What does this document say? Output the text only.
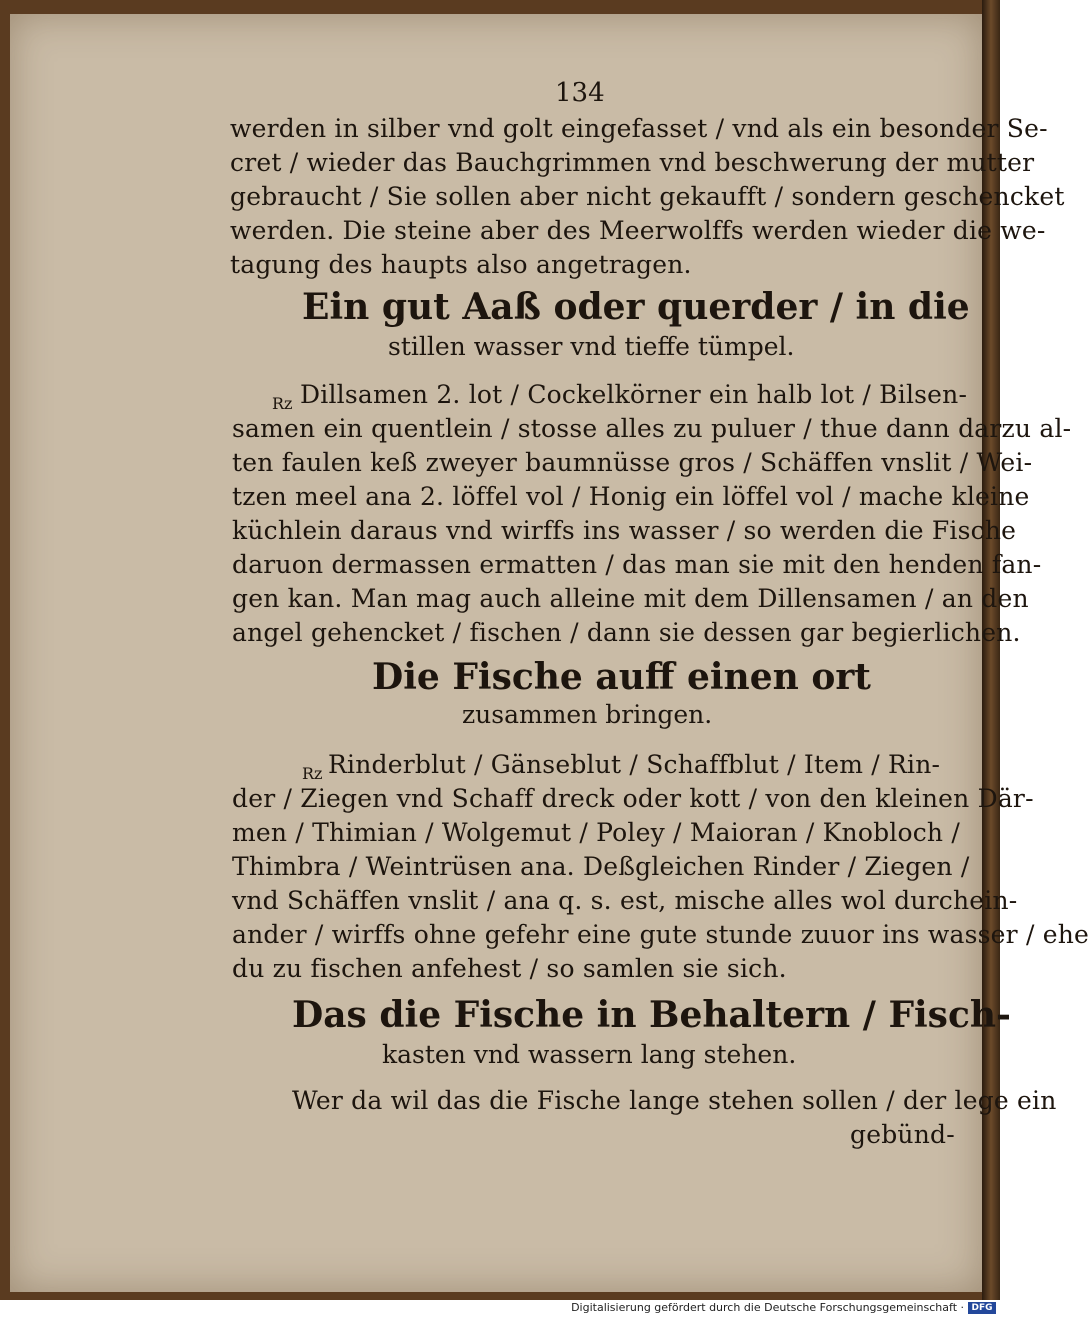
134
werden in silber vnd golt eingefasset / vnd als ein besonder Se-
cret / wieder das Bauchgrimmen vnd beschwerung der mutter
gebraucht / Sie sollen aber nicht gekaufft / sondern geschencket
werden. Die steine aber des Meerwolffs werden wieder die we-
tagung des haupts also angetragen.
Ein gut Aaß oder querder / in die
stillen wasser vnd tieffe tümpel.
Rz Dillsamen 2. lot / Cockelkörner ein halb lot / Bilsen-
samen ein quentlein / stosse alles zu puluer / thue dann darzu al-
ten faulen keß zweyer baumnüsse gros / Schäffen vnslit / Wei-
tzen meel ana 2. löffel vol / Honig ein löffel vol / mache kleine
küchlein daraus vnd wirffs ins wasser / so werden die Fische
daruon dermassen ermatten / das man sie mit den henden fan-
gen kan. Man mag auch alleine mit dem Dillensamen / an den
angel gehencket / fischen / dann sie dessen gar begierlichen.
Die Fische auff einen ort
zusammen bringen.
Rz Rinderblut / Gänseblut / Schaffblut / Item / Rin-
der / Ziegen vnd Schaff dreck oder kott / von den kleinen Där-
men / Thimian / Wolgemut / Poley / Maioran / Knobloch /
Thimbra / Weintrüsen ana. Deßgleichen Rinder / Ziegen /
vnd Schäffen vnslit / ana q. s. est, mische alles wol durchein-
ander / wirffs ohne gefehr eine gute stunde zuuor ins wasser / ehe
du zu fischen anfehest / so samlen sie sich.
Das die Fische in Behaltern / Fisch-
kasten vnd wassern lang stehen.
Wer da wil das die Fische lange stehen sollen / der lege ein
gebünd-
Digitalisierung gefördert durch die Deutsche Forschungsgemeinschaft · DFG
